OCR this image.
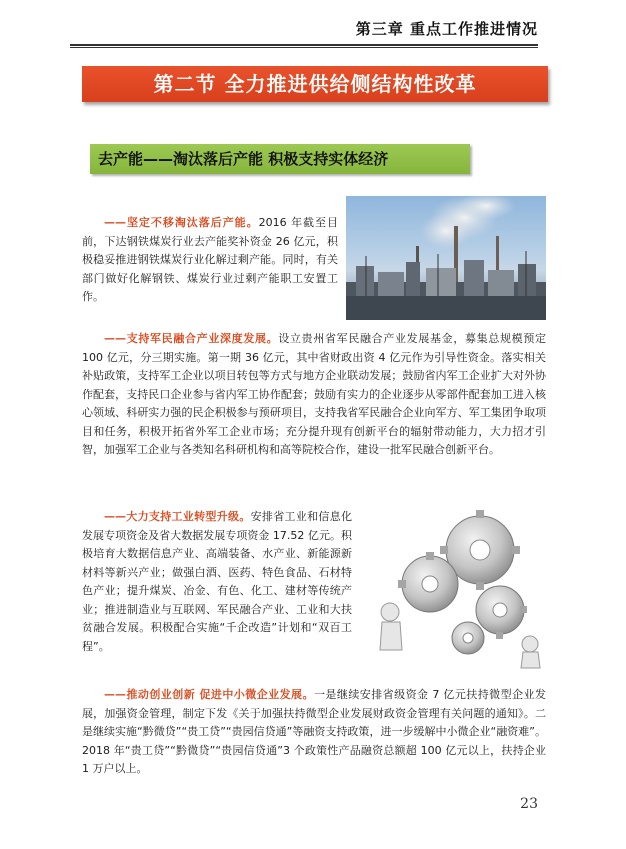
第三章 重点工作推进情况
第二节 全力推进供给侧结构性改革
去产能——淘汰落后产能 积极支持实体经济
——坚定不移淘汰落后产能。2016 年截至目前，下达钢铁煤炭行业去产能奖补资金 26 亿元，积极稳妥推进钢铁煤炭行业化解过剩产能。同时，有关部门做好化解钢铁、煤炭行业过剩产能职工安置工作。
——支持军民融合产业深度发展。设立贵州省军民融合产业发展基金，募集总规模预定 100 亿元，分三期实施。第一期 36 亿元，其中省财政出资 4 亿元作为引导性资金。落实相关补贴政策，支持军工企业以项目转包等方式与地方企业联动发展；鼓励省内军工企业扩大对外协作配套，支持民口企业参与省内军工协作配套；鼓励有实力的企业逐步从零部件配套加工进入核心领域、科研实力强的民企积极参与预研项目，支持我省军民融合企业向军方、军工集团争取项目和任务，积极开拓省外军工企业市场；充分提升现有创新平台的辐射带动能力，大力招才引智，加强军工企业与各类知名科研机构和高等院校合作，建设一批军民融合创新平台。
——大力支持工业转型升级。安排省工业和信息化发展专项资金及省大数据发展专项资金 17.52 亿元。积极培育大数据信息产业、高端装备、水产业、新能源新材料等新兴产业；做强白酒、医药、特色食品、石材特色产业；提升煤炭、冶金、有色、化工、建材等传统产业；推进制造业与互联网、军民融合产业、工业和大扶贫融合发展。积极配合实施“千企改造”计划和“双百工程”。
——推动创业创新 促进中小微企业发展。一是继续安排省级资金 7 亿元扶持微型企业发展，加强资金管理，制定下发《关于加强扶持微型企业发展财政资金管理有关问题的通知》。二是继续实施“黔微贷”“贵工贷”“贵园信贷通”等融资支持政策，进一步缓解中小微企业“融资难”。2018 年“贵工贷”“黔微贷”“贵园信贷通”3 个政策性产品融资总额超 100 亿元以上，扶持企业 1 万户以上。
23
